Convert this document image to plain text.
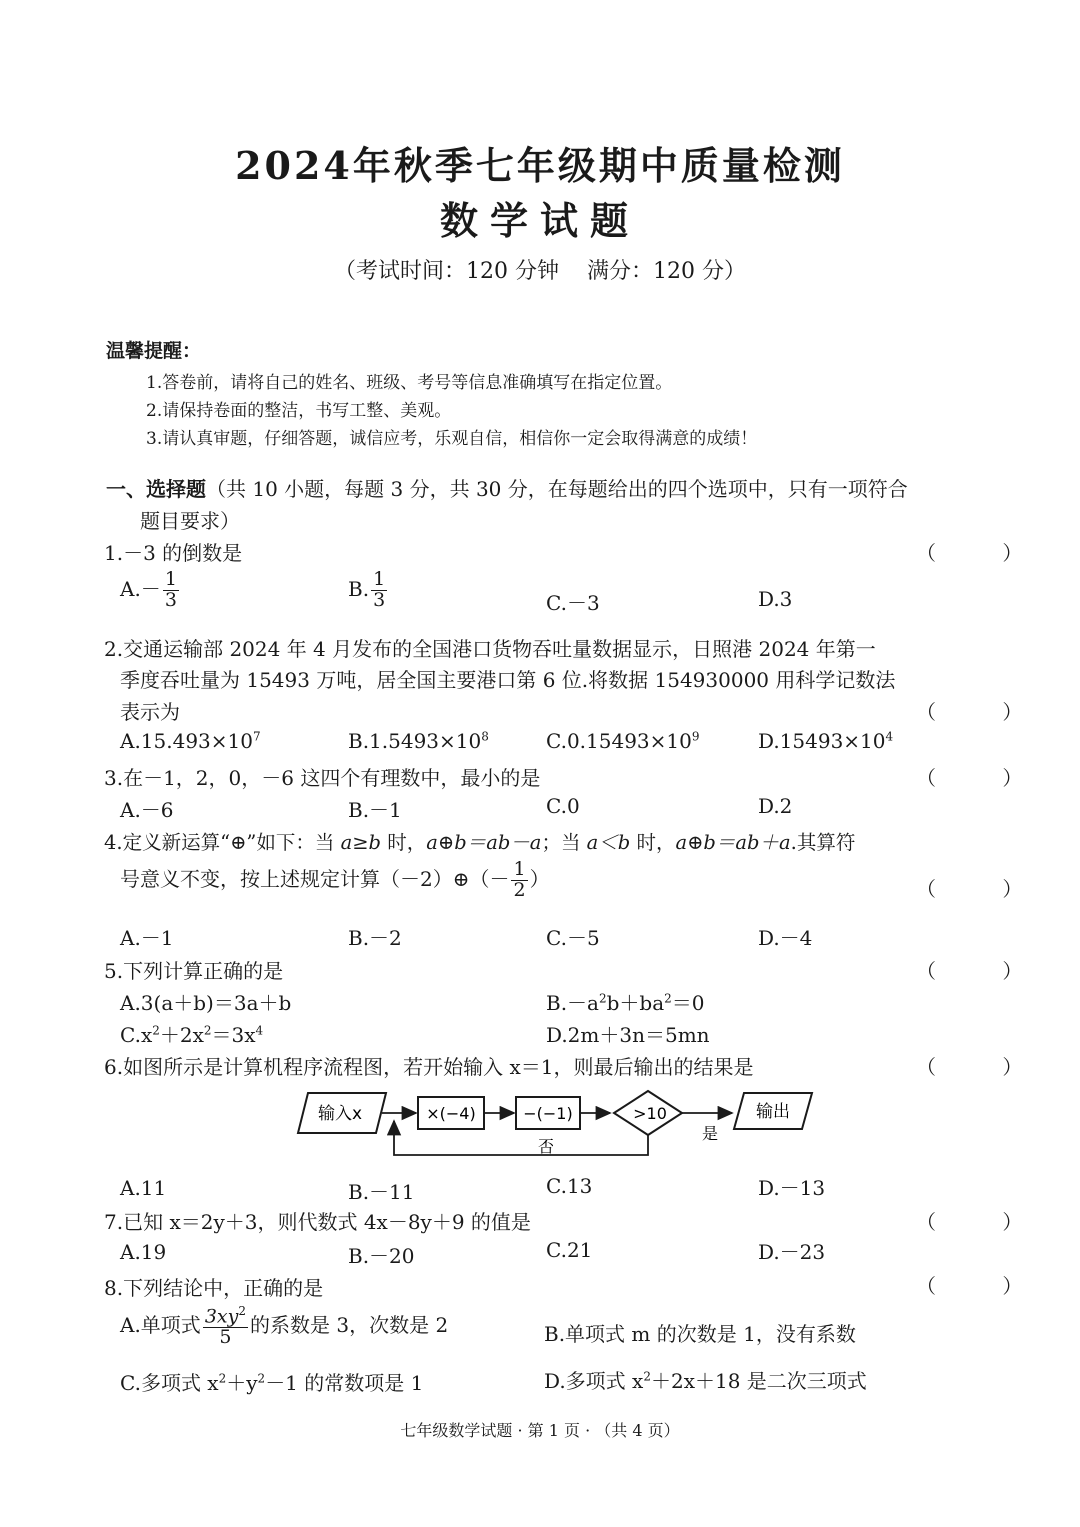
2024年秋季七年级期中质量检测
数学试题
（考试时间：120 分钟 满分：120 分）
温馨提醒：
1.答卷前，请将自己的姓名、班级、考号等信息准确填写在指定位置。
2.请保持卷面的整洁，书写工整、美观。
3.请认真审题，仔细答题，诚信应考，乐观自信，相信你一定会取得满意的成绩！
一、选择题（共 10 小题，每题 3 分，共 30 分，在每题给出的四个选项中，只有一项符合
题目要求）
1.－3 的倒数是	（ ）
$A.- \frac{1}{3}$	B. $\frac{1}{3}$	C.－3	D.3
2.交通运输部 2024 年 4 月发布的全国港口货物吞吐量数据显示，日照港 2024 年第一
季度吞吐量为 15493 万吨，居全国主要港口第 6 位.将数据 154930000 用科学记数法
表示为	（ ）
$A.15.493\times 10^7$	$B.1.5493\times 10^8$	$C.0.15493\times 10^9$	$D.15493\times 10^4$
3.在－1，2，0，－6 这四个有理数中，最小的是	（ ）
A.－6	B.－1	C.0	D.2
4.定义新运算“⊕”如下：当 a≥b 时，a⊕b＝ab－a；当 a＜b 时，a⊕b＝ab＋a.其算符
号意义不变，按上述规定计算（－2）⊕（－ $\frac{1}{2}$ ）	（ ）
A.－1	B.－2	C.－5	D.－4
5.下列计算正确的是	（ ）
A.3(a＋b)＝3a＋b	$B.-a^2b+ba^2=0$
$C.x^2+2x^2=3x^4$	D.2m＋3n＝5mn
6.如图所示是计算机程序流程图，若开始输入 x＝1，则最后输出的结果是	（ ）
输入x	×(−4)	−(−1)	>10
是
输出
否
A.11	B.－11	C.13	D.－13
7.已知 x＝2y＋3，则代数式 4x－8y＋9 的值是	（ ）
A.19	B.－20	C.21	D.－23
8.下列结论中，正确的是	（ ）
A.单项式 $\frac{3xy^2}{5}$ 的系数是 3，次数是 2	B.单项式 m 的次数是 1，没有系数
C.多项式 $x^2+y^2-1$ 的常数项是 1	D.多项式 $x^2+2x+18$ 是二次三项式
七年级数学试题 · 第 1 页 · （共 4 页）
